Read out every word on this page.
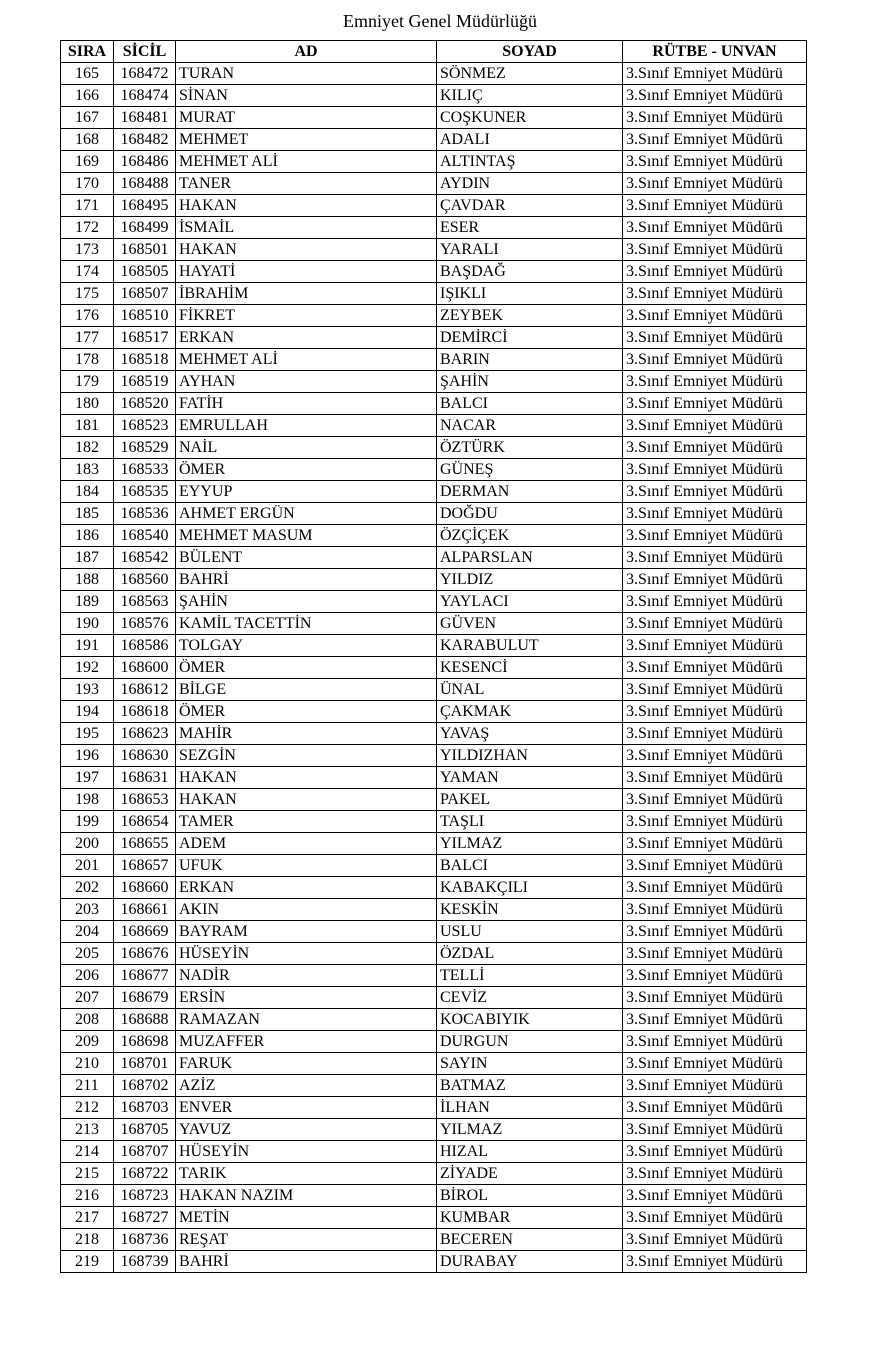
Emniyet Genel Müdürlüğü
SIRA	SİCİL	AD	SOYAD	RÜTBE - UNVAN
165	168472	TURAN	SÖNMEZ	3.Sınıf Emniyet Müdürü
166	168474	SİNAN	KILIÇ	3.Sınıf Emniyet Müdürü
167	168481	MURAT	COŞKUNER	3.Sınıf Emniyet Müdürü
168	168482	MEHMET	ADALI	3.Sınıf Emniyet Müdürü
169	168486	MEHMET ALİ	ALTINTAŞ	3.Sınıf Emniyet Müdürü
170	168488	TANER	AYDIN	3.Sınıf Emniyet Müdürü
171	168495	HAKAN	ÇAVDAR	3.Sınıf Emniyet Müdürü
172	168499	İSMAİL	ESER	3.Sınıf Emniyet Müdürü
173	168501	HAKAN	YARALI	3.Sınıf Emniyet Müdürü
174	168505	HAYATİ	BAŞDAĞ	3.Sınıf Emniyet Müdürü
175	168507	İBRAHİM	IŞIKLI	3.Sınıf Emniyet Müdürü
176	168510	FİKRET	ZEYBEK	3.Sınıf Emniyet Müdürü
177	168517	ERKAN	DEMİRCİ	3.Sınıf Emniyet Müdürü
178	168518	MEHMET ALİ	BARIN	3.Sınıf Emniyet Müdürü
179	168519	AYHAN	ŞAHİN	3.Sınıf Emniyet Müdürü
180	168520	FATİH	BALCI	3.Sınıf Emniyet Müdürü
181	168523	EMRULLAH	NACAR	3.Sınıf Emniyet Müdürü
182	168529	NAİL	ÖZTÜRK	3.Sınıf Emniyet Müdürü
183	168533	ÖMER	GÜNEŞ	3.Sınıf Emniyet Müdürü
184	168535	EYYUP	DERMAN	3.Sınıf Emniyet Müdürü
185	168536	AHMET ERGÜN	DOĞDU	3.Sınıf Emniyet Müdürü
186	168540	MEHMET MASUM	ÖZÇİÇEK	3.Sınıf Emniyet Müdürü
187	168542	BÜLENT	ALPARSLAN	3.Sınıf Emniyet Müdürü
188	168560	BAHRİ	YILDIZ	3.Sınıf Emniyet Müdürü
189	168563	ŞAHİN	YAYLACI	3.Sınıf Emniyet Müdürü
190	168576	KAMİL TACETTİN	GÜVEN	3.Sınıf Emniyet Müdürü
191	168586	TOLGAY	KARABULUT	3.Sınıf Emniyet Müdürü
192	168600	ÖMER	KESENCİ	3.Sınıf Emniyet Müdürü
193	168612	BİLGE	ÜNAL	3.Sınıf Emniyet Müdürü
194	168618	ÖMER	ÇAKMAK	3.Sınıf Emniyet Müdürü
195	168623	MAHİR	YAVAŞ	3.Sınıf Emniyet Müdürü
196	168630	SEZGİN	YILDIZHAN	3.Sınıf Emniyet Müdürü
197	168631	HAKAN	YAMAN	3.Sınıf Emniyet Müdürü
198	168653	HAKAN	PAKEL	3.Sınıf Emniyet Müdürü
199	168654	TAMER	TAŞLI	3.Sınıf Emniyet Müdürü
200	168655	ADEM	YILMAZ	3.Sınıf Emniyet Müdürü
201	168657	UFUK	BALCI	3.Sınıf Emniyet Müdürü
202	168660	ERKAN	KABAKÇILI	3.Sınıf Emniyet Müdürü
203	168661	AKIN	KESKİN	3.Sınıf Emniyet Müdürü
204	168669	BAYRAM	USLU	3.Sınıf Emniyet Müdürü
205	168676	HÜSEYİN	ÖZDAL	3.Sınıf Emniyet Müdürü
206	168677	NADİR	TELLİ	3.Sınıf Emniyet Müdürü
207	168679	ERSİN	CEVİZ	3.Sınıf Emniyet Müdürü
208	168688	RAMAZAN	KOCABIYIK	3.Sınıf Emniyet Müdürü
209	168698	MUZAFFER	DURGUN	3.Sınıf Emniyet Müdürü
210	168701	FARUK	SAYIN	3.Sınıf Emniyet Müdürü
211	168702	AZİZ	BATMAZ	3.Sınıf Emniyet Müdürü
212	168703	ENVER	İLHAN	3.Sınıf Emniyet Müdürü
213	168705	YAVUZ	YILMAZ	3.Sınıf Emniyet Müdürü
214	168707	HÜSEYİN	HIZAL	3.Sınıf Emniyet Müdürü
215	168722	TARIK	ZİYADE	3.Sınıf Emniyet Müdürü
216	168723	HAKAN NAZIM	BİROL	3.Sınıf Emniyet Müdürü
217	168727	METİN	KUMBAR	3.Sınıf Emniyet Müdürü
218	168736	REŞAT	BECEREN	3.Sınıf Emniyet Müdürü
219	168739	BAHRİ	DURABAY	3.Sınıf Emniyet Müdürü
